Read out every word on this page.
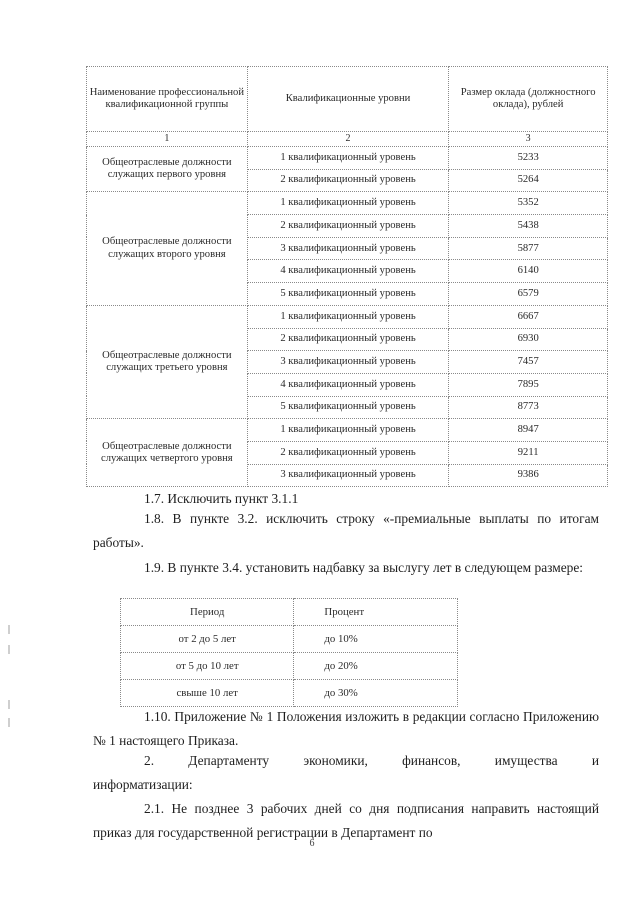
Наименование профессиональной квалификационной группы	Квалификационные уровни	Размер оклада (должностного оклада), рублей
1	2	3
Общеотраслевые должности служащих первого уровня	1 квалификационный уровень	5233
	2 квалификационный уровень	5264
Общеотраслевые должности служащих второго уровня	1 квалификационный уровень	5352
	2 квалификационный уровень	5438
	3 квалификационный уровень	5877
	4 квалификационный уровень	6140
	5 квалификационный уровень	6579
Общеотраслевые должности служащих третьего уровня	1 квалификационный уровень	6667
	2 квалификационный уровень	6930
	3 квалификационный уровень	7457
	4 квалификационный уровень	7895
	5 квалификационный уровень	8773
Общеотраслевые должности служащих четвертого уровня	1 квалификационный уровень	8947
	2 квалификационный уровень	9211
	3 квалификационный уровень	9386

1.7. Исключить пункт 3.1.1

1.8. В пункте 3.2. исключить строку «-премиальные выплаты по итогам работы».

1.9. В пункте 3.4. установить надбавку за выслугу лет в следующем размере:

Период	Процент
от 2 до 5 лет	до 10%
от 5 до 10 лет	до 20%
свыше 10 лет	до 30%

1.10. Приложение № 1 Положения изложить в редакции согласно Приложению № 1 настоящего Приказа.

2. Департаменту экономики, финансов, имущества и

информатизации:

2.1. Не позднее 3 рабочих дней со дня подписания направить настоящий приказ для государственной регистрации в Департамент по

6
